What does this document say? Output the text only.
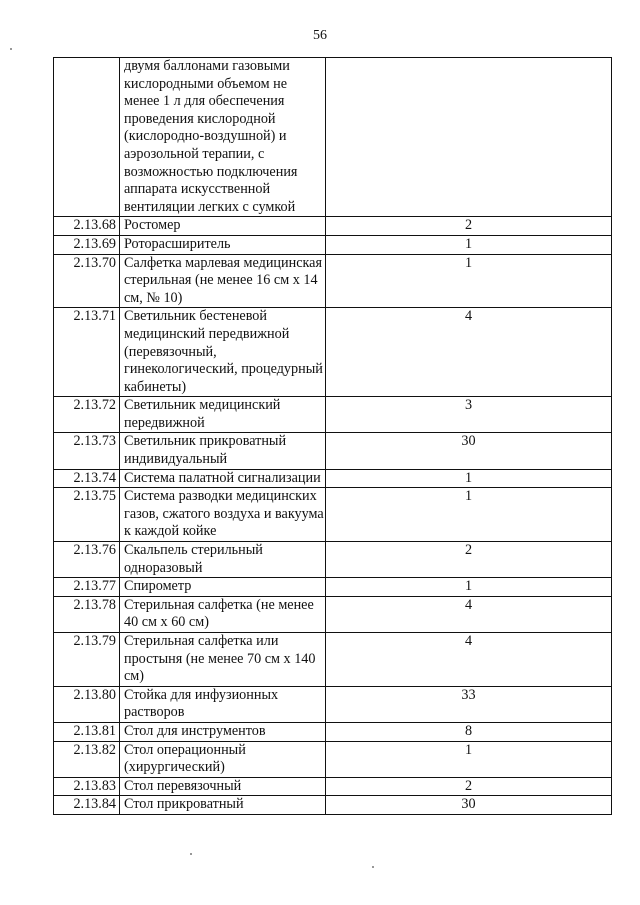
56
	двумя баллонами газовыми кислородными объемом не менее 1 л для обеспечения проведения кислородной (кислородно-воздушной) и аэрозольной терапии, с возможностью подключения аппарата искусственной вентиляции легких с сумкой	
2.13.68	Ростомер	2
2.13.69	Роторасширитель	1
2.13.70	Салфетка марлевая медицинская стерильная (не менее 16 см х 14 см, № 10)	1
2.13.71	Светильник бестеневой медицинский передвижной (перевязочный, гинекологический, процедурный кабинеты)	4
2.13.72	Светильник медицинский передвижной	3
2.13.73	Светильник прикроватный индивидуальный	30
2.13.74	Система палатной сигнализации	1
2.13.75	Система разводки медицинских газов, сжатого воздуха и вакуума к каждой койке	1
2.13.76	Скальпель стерильный одноразовый	2
2.13.77	Спирометр	1
2.13.78	Стерильная салфетка (не менее 40 см х 60 см)	4
2.13.79	Стерильная салфетка или простыня (не менее 70 см х 140 см)	4
2.13.80	Стойка для инфузионных растворов	33
2.13.81	Стол для инструментов	8
2.13.82	Стол операционный (хирургический)	1
2.13.83	Стол перевязочный	2
2.13.84	Стол прикроватный	30
